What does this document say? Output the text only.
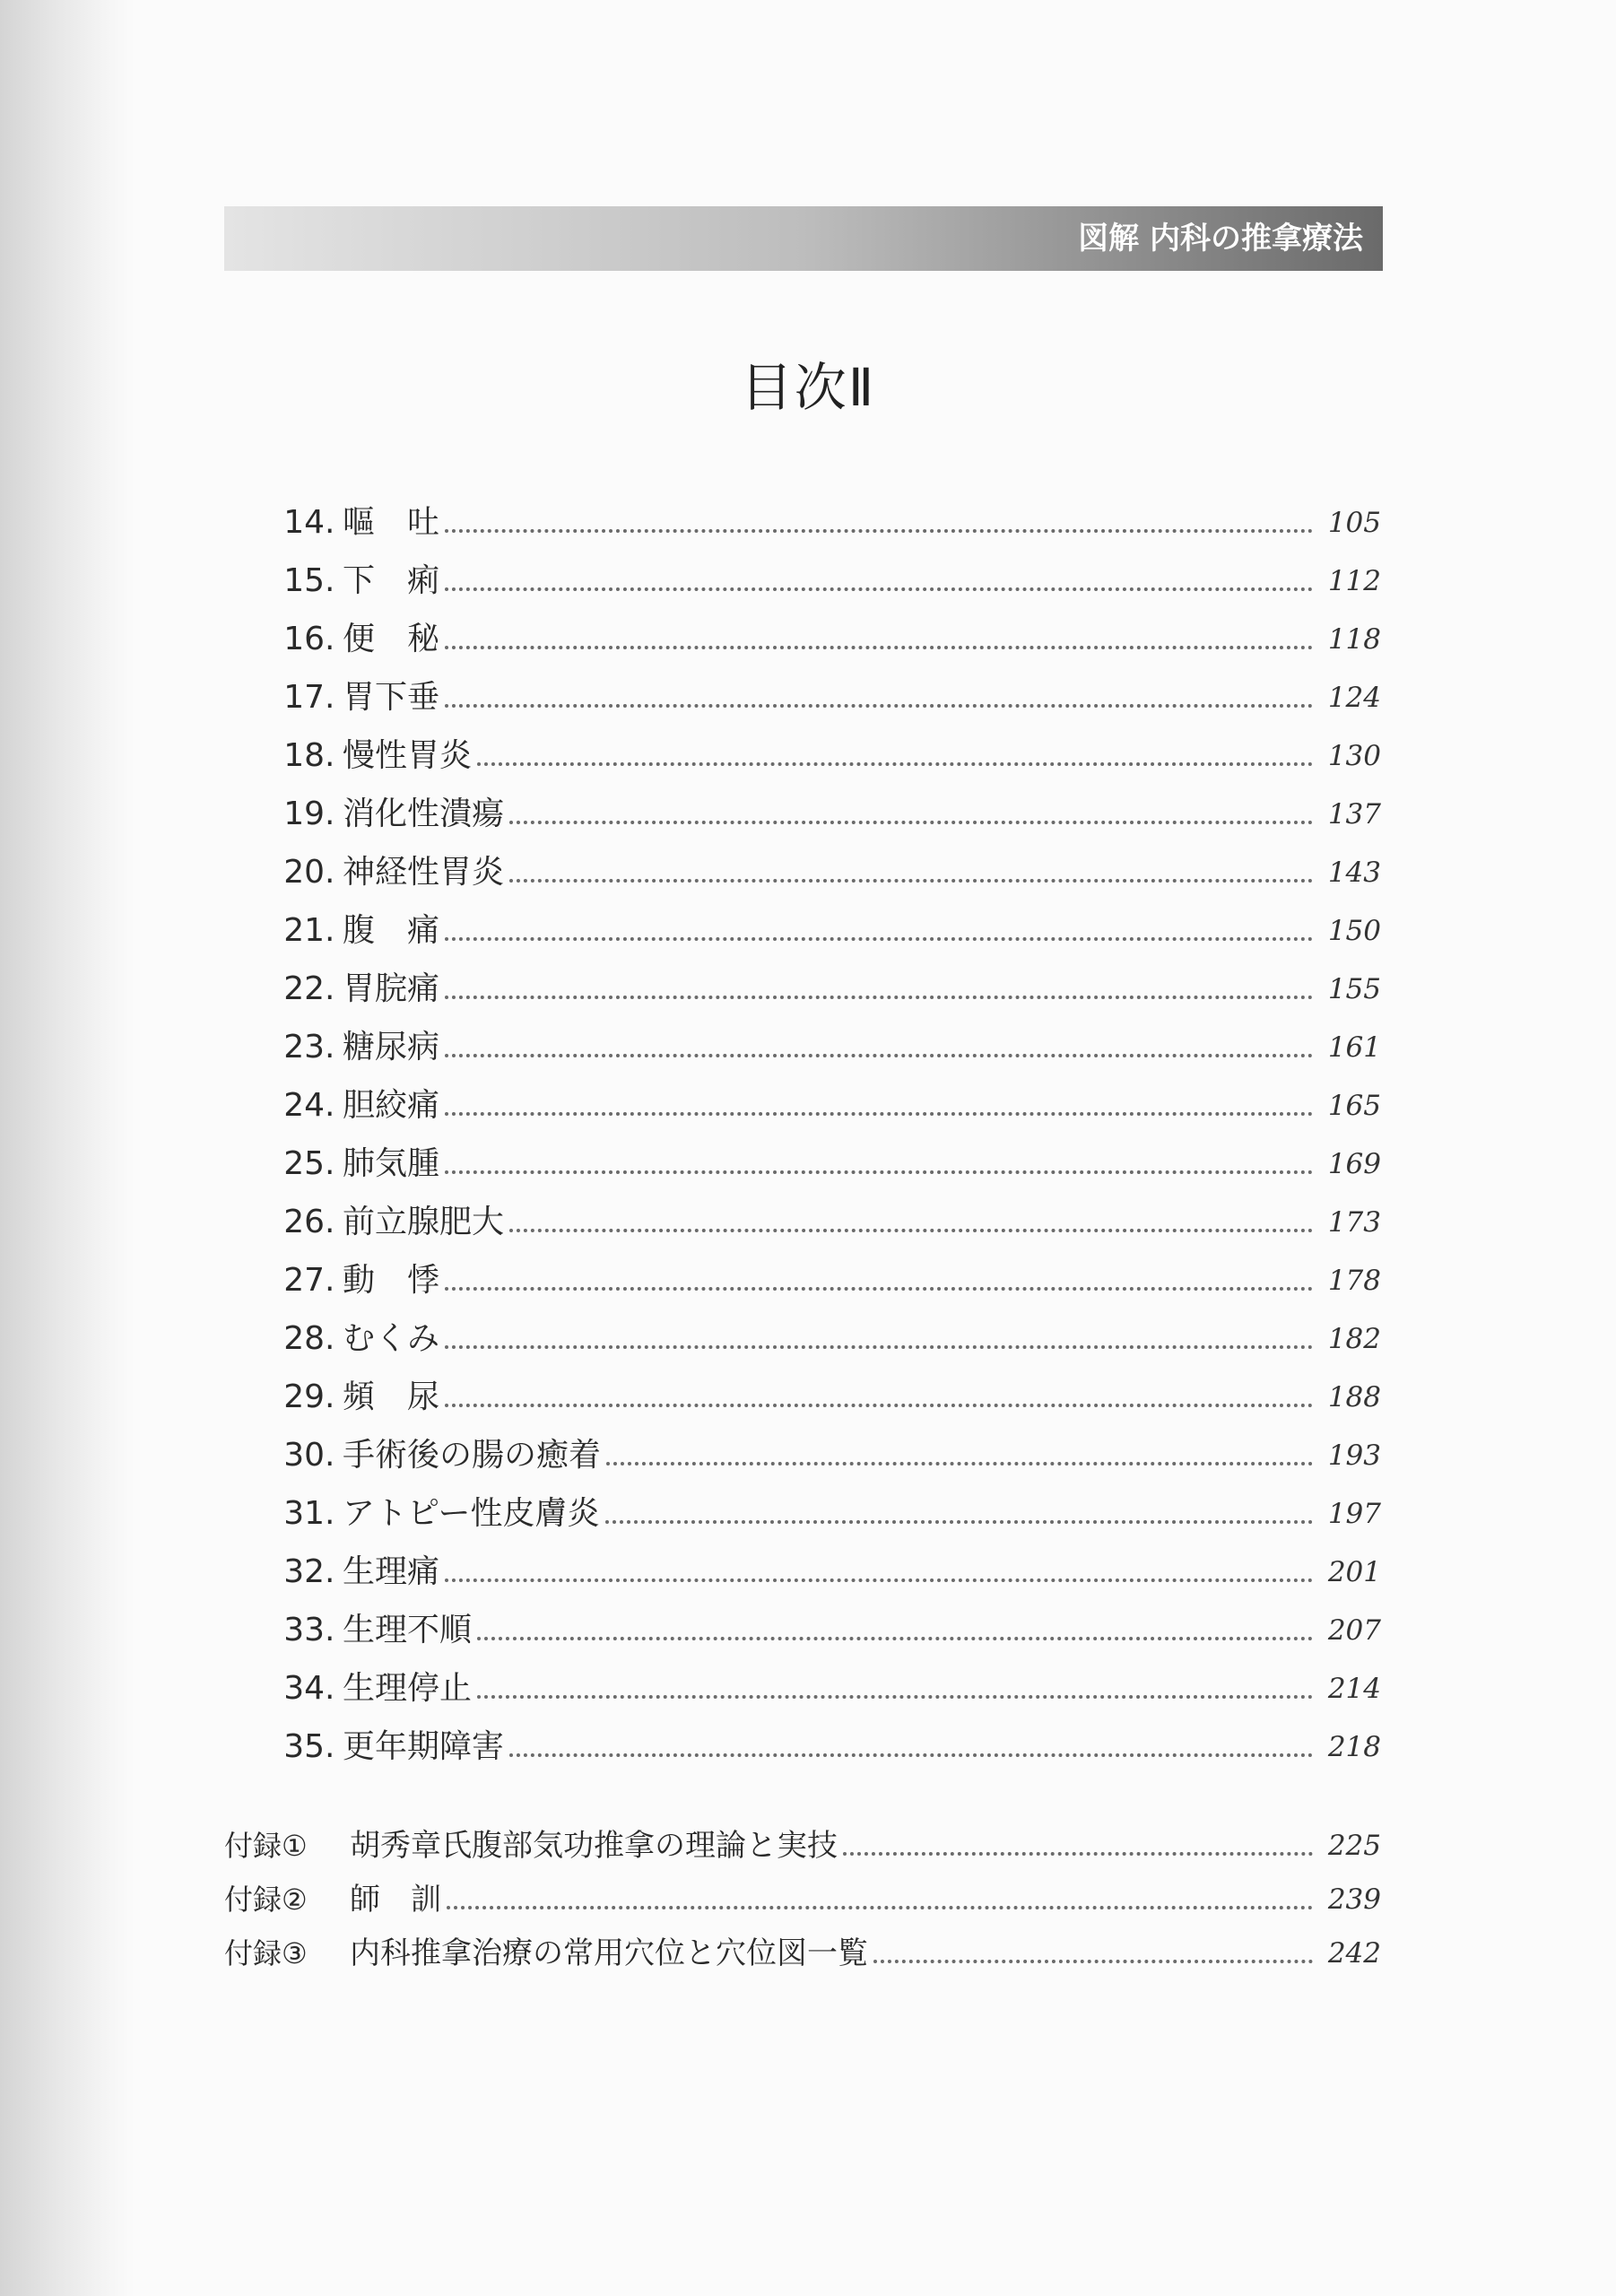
図解 内科の推拿療法
目次Ⅱ
14 . 嘔　吐	105
15 . 下　痢	112
16 . 便　秘	118
17 . 胃下垂	124
18 . 慢性胃炎	130
19 . 消化性潰瘍	137
20 . 神経性胃炎	143
21 . 腹　痛	150
22 . 胃脘痛	155
23 . 糖尿病	161
24 . 胆絞痛	165
25 . 肺気腫	169
26 . 前立腺肥大	173
27 . 動　悸	178
28 . むくみ	182
29 . 頻　尿	188
30 . 手術後の腸の癒着	193
31 . アトピー性皮膚炎	197
32 . 生理痛	201
33 . 生理不順	207
34 . 生理停止	214
35 . 更年期障害	218
付録①	胡秀章氏腹部気功推拿の理論と実技	225
付録②	師　訓	239
付録③	内科推拿治療の常用穴位と穴位図一覧	242
